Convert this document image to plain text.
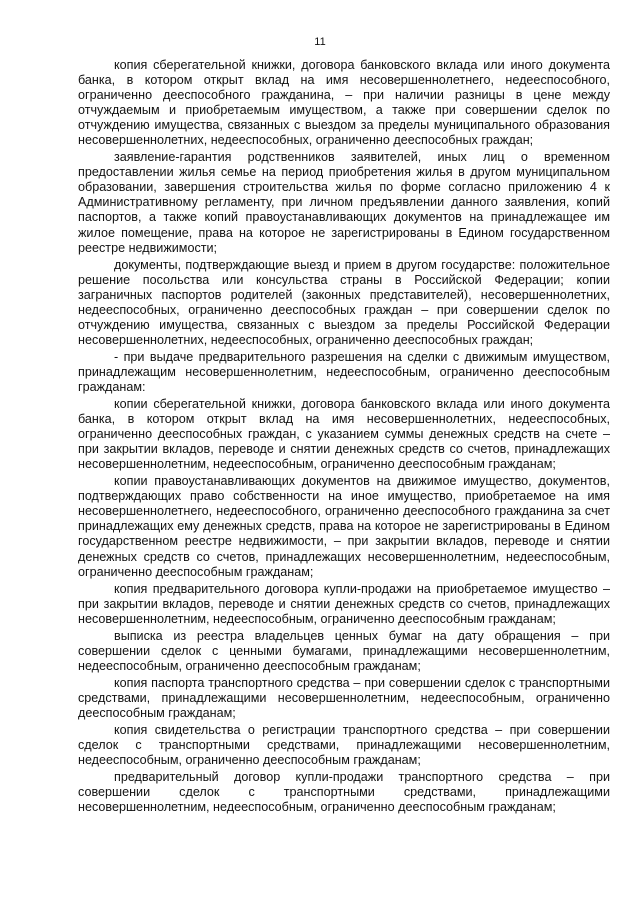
11

копия сберегательной книжки, договора банковского вклада или иного документа банка, в котором открыт вклад на имя несовершеннолетнего, недееспособного, ограниченно дееспособного гражданина, – при наличии разницы в цене между отчуждаемым и приобретаемым имуществом, а также при совершении сделок по отчуждению имущества, связанных с выездом за пределы муниципального образования несовершеннолетних, недееспособных, ограниченно дееспособных граждан;

заявление-гарантия родственников заявителей, иных лиц о временном предоставлении жилья семье на период приобретения жилья в другом муниципальном образовании, завершения строительства жилья по форме согласно приложению 4 к Административному регламенту, при личном предъявлении данного заявления, копий паспортов, а также копий правоустанавливающих документов на принадлежащее им жилое помещение, права на которое не зарегистрированы в Едином государственном реестре недвижимости;

документы, подтверждающие выезд и прием в другом государстве: положительное решение посольства или консульства страны в Российской Федерации; копии заграничных паспортов родителей (законных представителей), несовершеннолетних, недееспособных, ограниченно дееспособных граждан – при совершении сделок по отчуждению имущества, связанных с выездом за пределы Российской Федерации несовершеннолетних, недееспособных, ограниченно дееспособных граждан;

- при выдаче предварительного разрешения на сделки с движимым имуществом, принадлежащим несовершеннолетним, недееспособным, ограниченно дееспособным гражданам:

копии сберегательной книжки, договора банковского вклада или иного документа банка, в котором открыт вклад на имя несовершеннолетних, недееспособных, ограниченно дееспособных граждан, с указанием суммы денежных средств на счете – при закрытии вкладов, переводе и снятии денежных средств со счетов, принадлежащих несовершеннолетним, недееспособным, ограниченно дееспособным гражданам;

копии правоустанавливающих документов на движимое имущество, документов, подтверждающих право собственности на иное имущество, приобретаемое на имя несовершеннолетнего, недееспособного, ограниченно дееспособного гражданина за счет принадлежащих ему денежных средств, права на которое не зарегистрированы в Едином государственном реестре недвижимости, – при закрытии вкладов, переводе и снятии денежных средств со счетов, принадлежащих несовершеннолетним, недееспособным, ограниченно дееспособным гражданам;

копия предварительного договора купли-продажи на приобретаемое имущество – при закрытии вкладов, переводе и снятии денежных средств со счетов, принадлежащих несовершеннолетним, недееспособным, ограниченно дееспособным гражданам;

выписка из реестра владельцев ценных бумаг на дату обращения – при совершении сделок с ценными бумагами, принадлежащими несовершеннолетним, недееспособным, ограниченно дееспособным гражданам;

копия паспорта транспортного средства – при совершении сделок с транспортными средствами, принадлежащими несовершеннолетним, недееспособным, ограниченно дееспособным гражданам;

копия свидетельства о регистрации транспортного средства – при совершении сделок с транспортными средствами, принадлежащими несовершеннолетним, недееспособным, ограниченно дееспособным гражданам;

предварительный договор купли-продажи транспортного средства – при совершении сделок с транспортными средствами, принадлежащими несовершеннолетним, недееспособным, ограниченно дееспособным гражданам;
